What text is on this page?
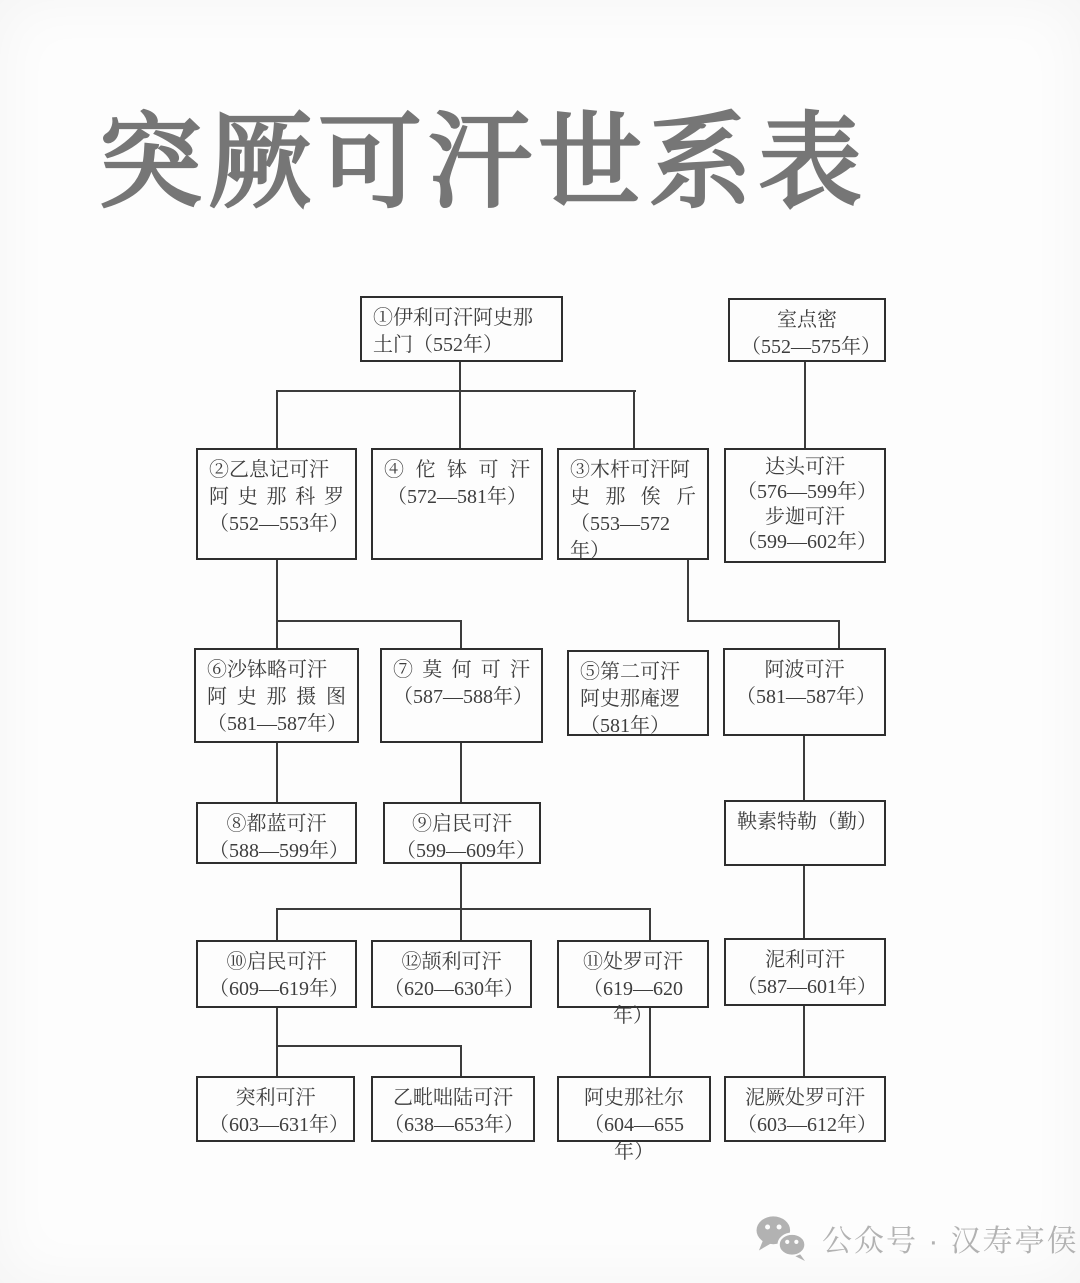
突厥可汗世系表
①伊利可汗阿史那
土门（552年）
室点密
（552—575年）
②乙息记可汗
阿史那科罗
（552—553年）
④佗钵可汗
（572—581年）
③木杆可汗阿
史那俟斤
（553—572年）
达头可汗
（576—599年）
步迦可汗
（599—602年）
⑥沙钵略可汗
阿史那摄图
（581—587年）
⑦莫何可汗
（587—588年）
⑤第二可汗
阿史那庵逻
（581年）
阿波可汗
（581—587年）
⑧都蓝可汗
（588—599年）
⑨启民可汗
（599—609年）
鞅素特勒（勤）
⑩启民可汗
（609—619年）
⑫颉利可汗
（620—630年）
⑪处罗可汗
（619—620年）
泥利可汗
（587—601年）
突利可汗
（603—631年）
乙毗咄陆可汗
（638—653年）
阿史那社尔
（604—655年）
泥厥处罗可汗
（603—612年）
公众号 · 汉寿亭侯
